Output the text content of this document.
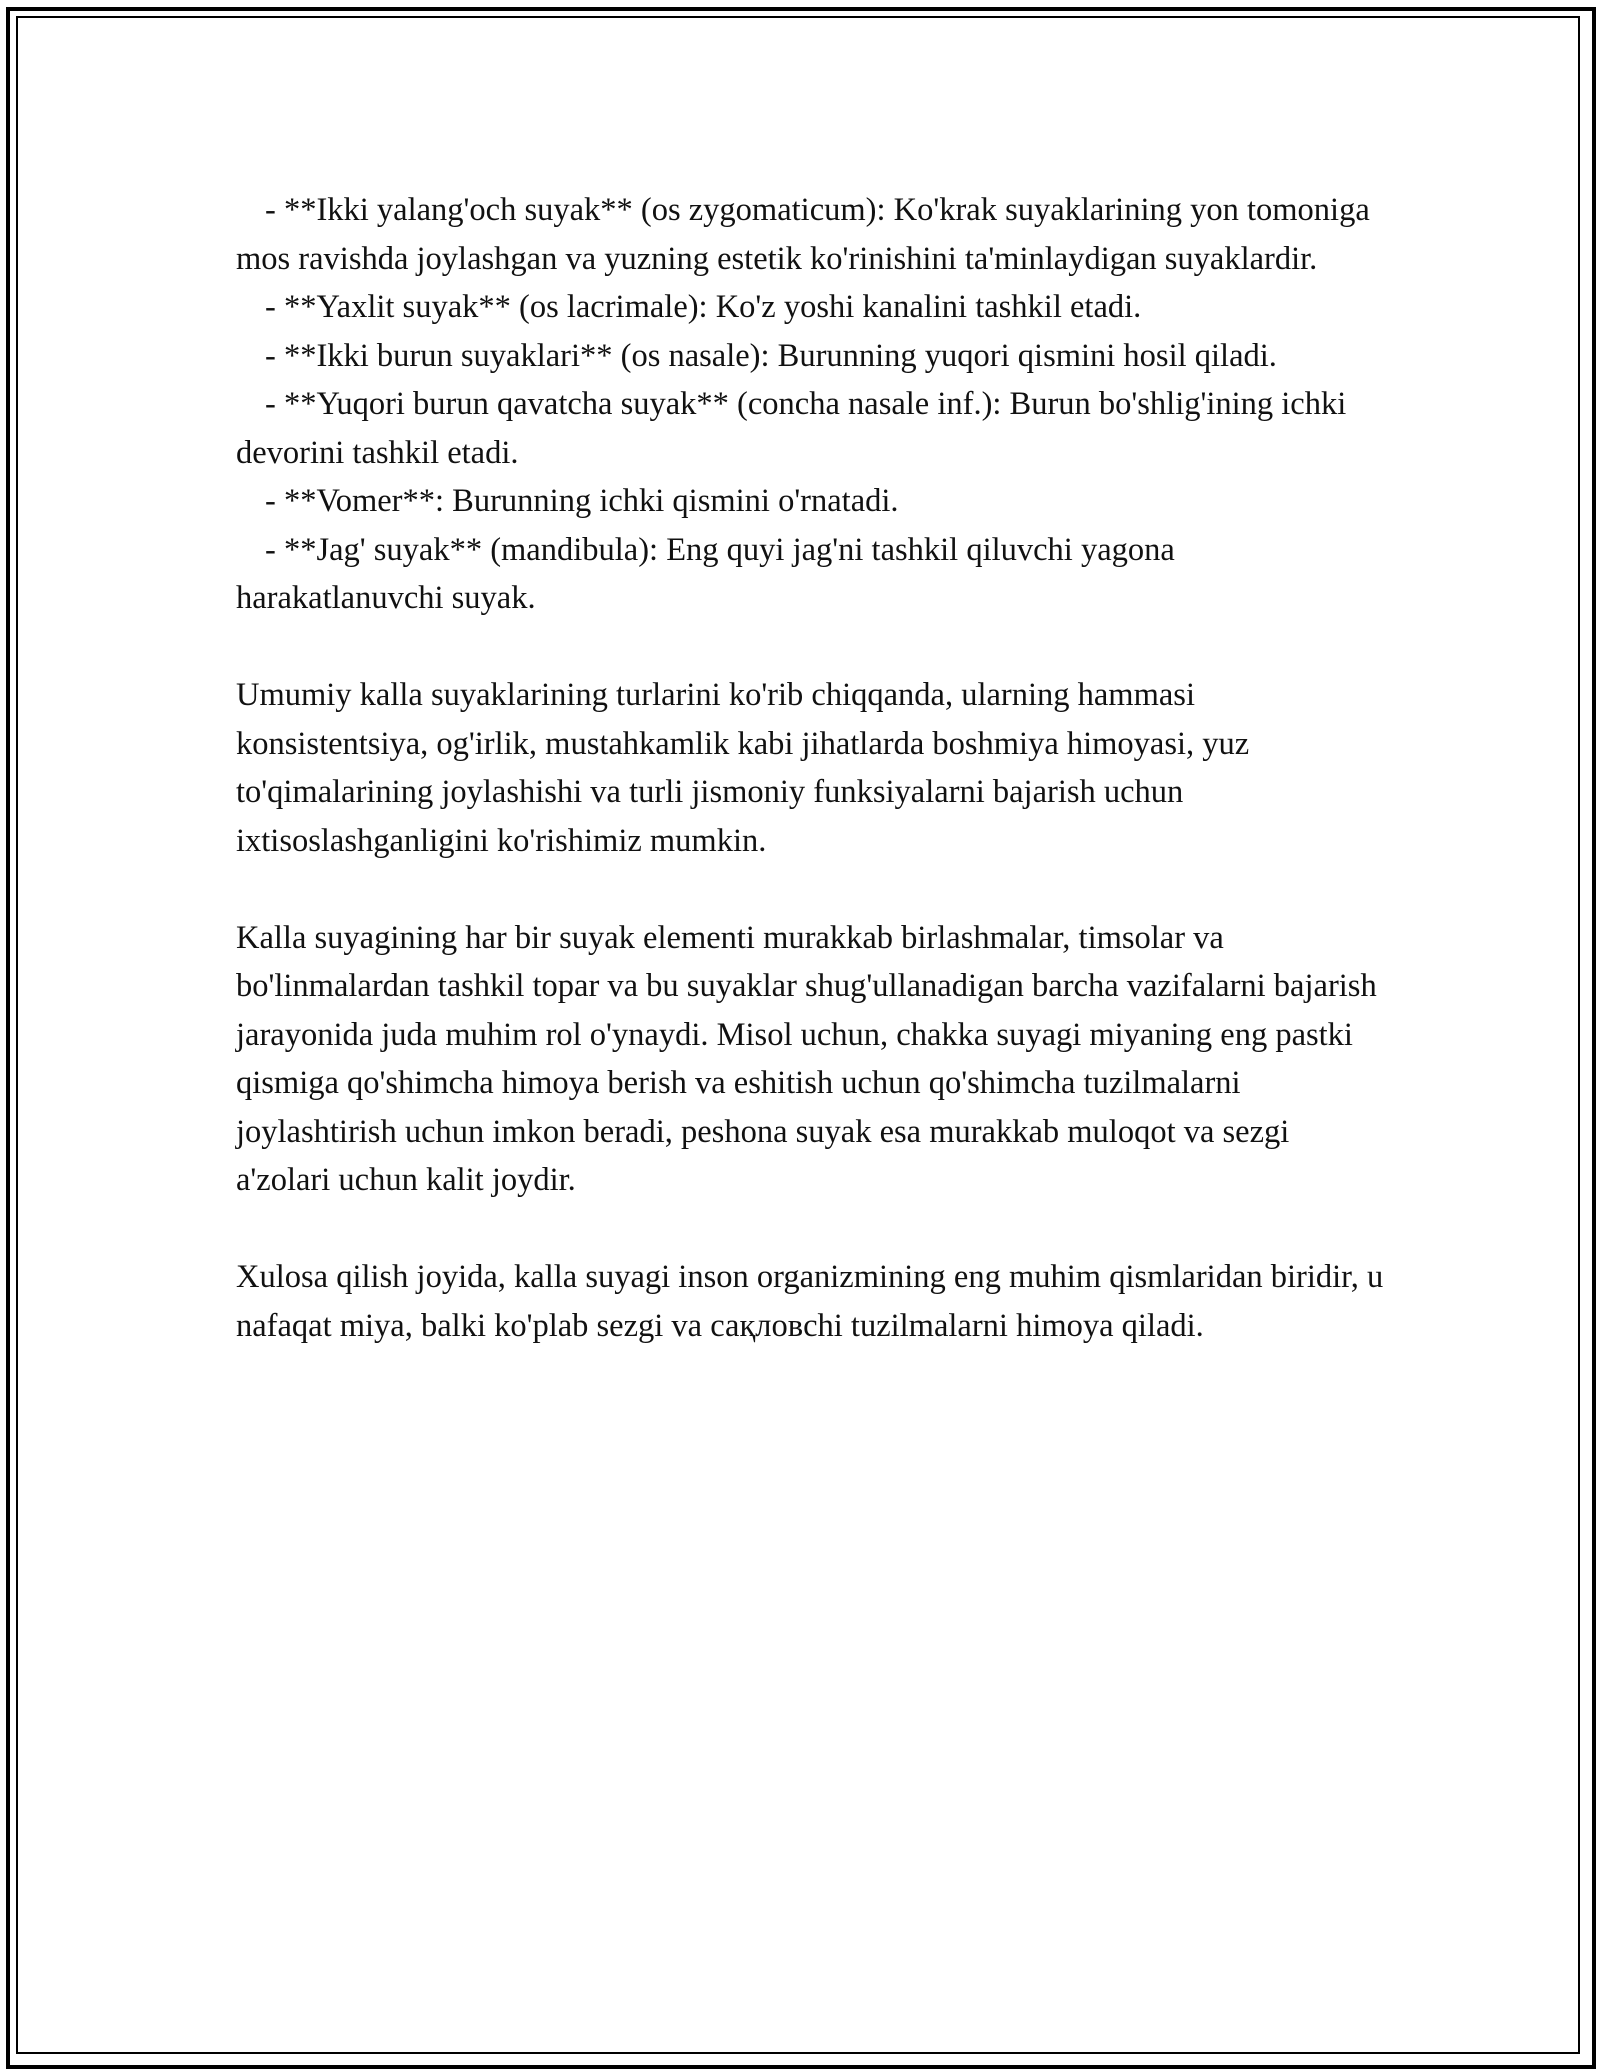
- **Ikki yalang'och suyak** (os zygomaticum): Ko'krak suyaklarining yon tomoniga mos ravishda joylashgan va yuzning estetik ko'rinishini ta'minlaydigan suyaklardir.

- **Yaxlit suyak** (os lacrimale): Ko'z yoshi kanalini tashkil etadi.

- **Ikki burun suyaklari** (os nasale): Burunning yuqori qismini hosil qiladi.

- **Yuqori burun qavatcha suyak** (concha nasale inf.): Burun bo'shlig'ining ichki devorini tashkil etadi.

- **Vomer**: Burunning ichki qismini o'rnatadi.

- **Jag' suyak** (mandibula): Eng quyi jag'ni tashkil qiluvchi yagona harakatlanuvchi suyak.

Umumiy kalla suyaklarining turlarini ko'rib chiqqanda, ularning hammasi konsistentsiya, og'irlik, mustahkamlik kabi jihatlarda boshmiya himoyasi, yuz to'qimalarining joylashishi va turli jismoniy funksiyalarni bajarish uchun ixtisoslashganligini ko'rishimiz mumkin.

Kalla suyagining har bir suyak elementi murakkab birlashmalar, timsolar va bo'linmalardan tashkil topar va bu suyaklar shug'ullanadigan barcha vazifalarni bajarish jarayonida juda muhim rol o'ynaydi. Misol uchun, chakka suyagi miyaning eng pastki qismiga qo'shimcha himoya berish va eshitish uchun qo'shimcha tuzilmalarni joylashtirish uchun imkon beradi, peshona suyak esa murakkab muloqot va sezgi a'zolari uchun kalit joydir.

Xulosa qilish joyida, kalla suyagi inson organizmining eng muhim qismlaridan biridir, u nafaqat miya, balki ko'plab sezgi va сақловchi tuzilmalarni himoya qiladi.
